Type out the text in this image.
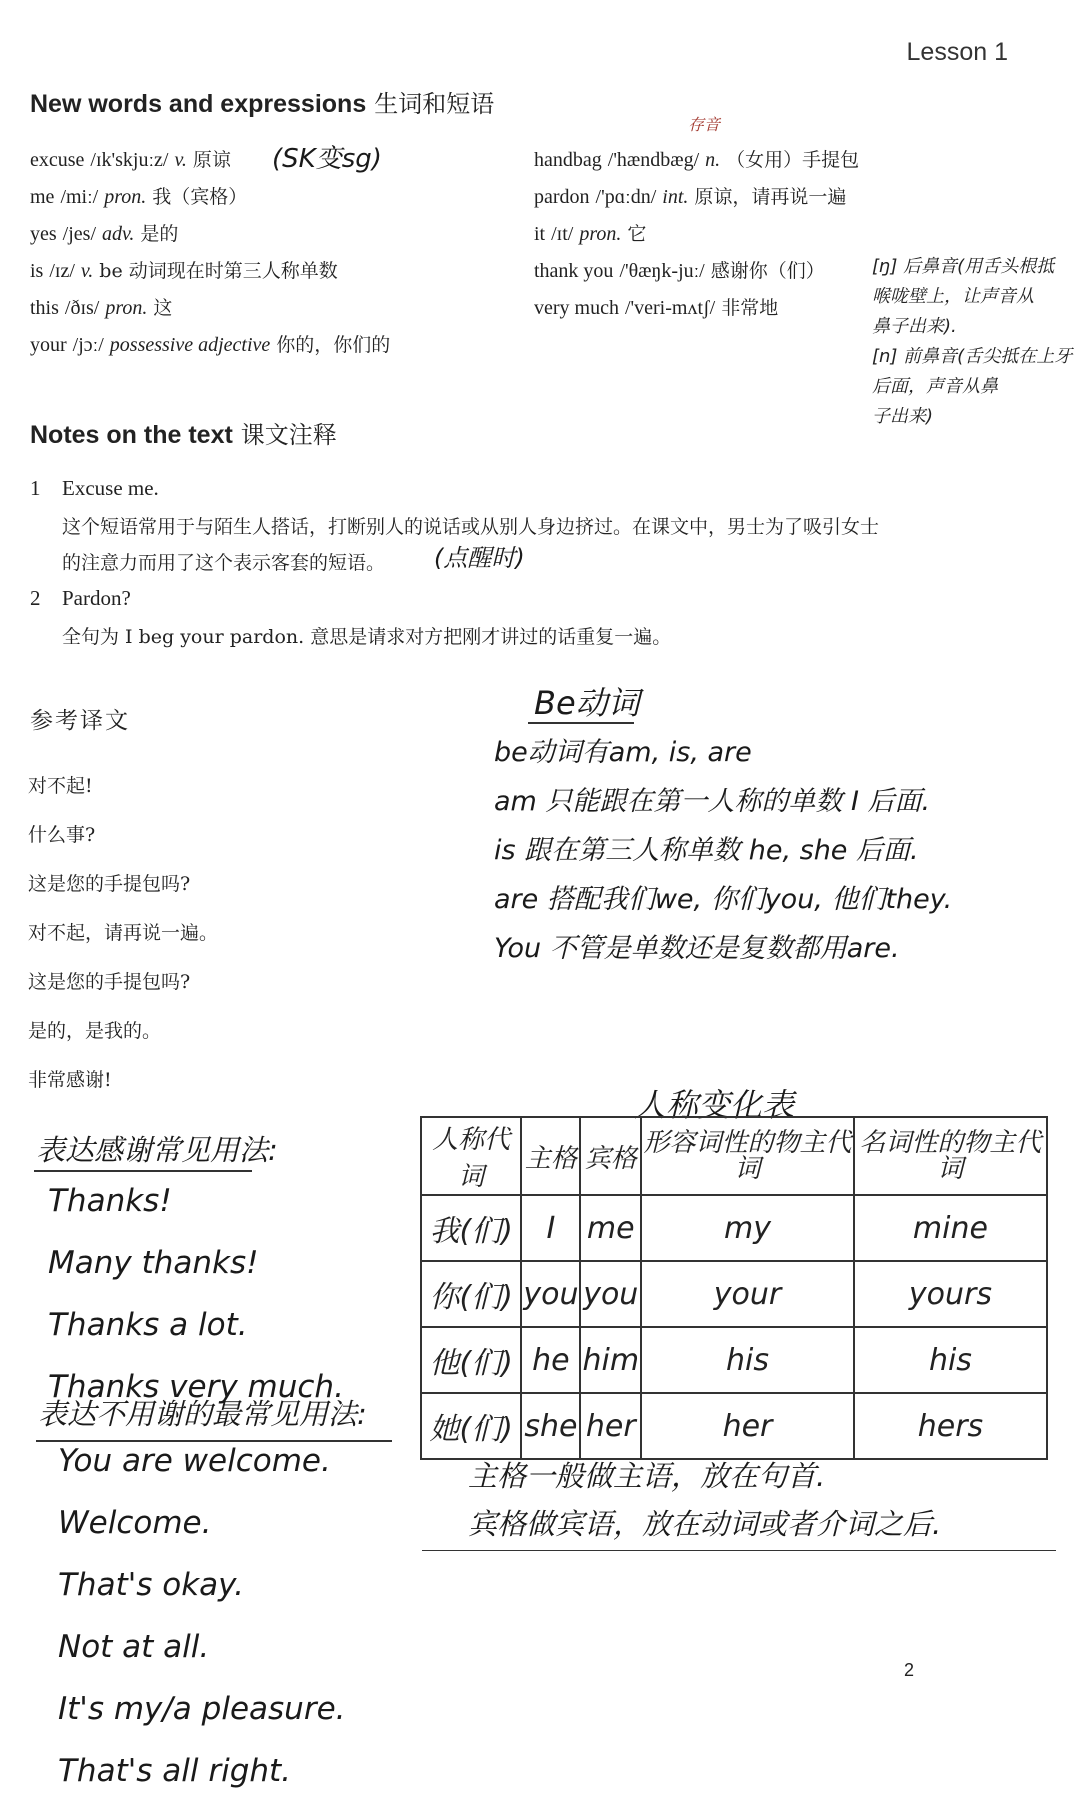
Lesson 1
New words and expressions 生词和短语
excuse /ɪk'skjuːz/ v. 原谅
me /miː/ pron. 我（宾格）
yes /jes/ adv. 是的
is /ɪz/ v. be 动词现在时第三人称单数
this /ðɪs/ pron. 这
your /jɔː/ possessive adjective 你的，你们的
handbag /'hændbæg/ n. （女用）手提包
pardon /'pɑːdn/ int. 原谅，请再说一遍
it /ɪt/ pron. 它
thank you /'θæŋk-juː/ 感谢你（们）
very much /'veri-mʌtʃ/ 非常地
(SK变sg)
存音
[ŋ] 后鼻音(用舌头根抵
喉咙壁上，让声音从
鼻子出来).
[n] 前鼻音(舌尖抵在上牙
后面，声音从鼻
子出来)
Notes on the text 课文注释
1 Excuse me.
这个短语常用于与陌生人搭话，打断别人的说话或从别人身边挤过。在课文中，男士为了吸引女士
的注意力而用了这个表示客套的短语。 (点醒时)
2 Pardon?
全句为 I beg your pardon. 意思是请求对方把刚才讲过的话重复一遍。
参考译文
对不起!
什么事?
这是您的手提包吗?
对不起，请再说一遍。
这是您的手提包吗?
是的，是我的。
非常感谢!
Be动词
be动词有am, is, are
am 只能跟在第一人称的单数 I 后面.
is 跟在第三人称单数 he, she 后面.
are 搭配我们we, 你们you, 他们they.
You 不管是单数还是复数都用are.
人称变化表
人称代词	主格	宾格	形容词性的物主代词	名词性的物主代词
我(们)	I	me	my	mine
你(们)	you	you	your	yours
他(们)	he	him	his	his
她(们)	she	her	her	hers
主格一般做主语，放在句首.
宾格做宾语，放在动词或者介词之后.
表达感谢常见用法:
Thanks!
Many thanks!
Thanks a lot.
Thanks very much.
表达不用谢的最常见用法:
You are welcome.
Welcome.
That's okay.
Not at all.
It's my/a pleasure.
That's all right.
2
